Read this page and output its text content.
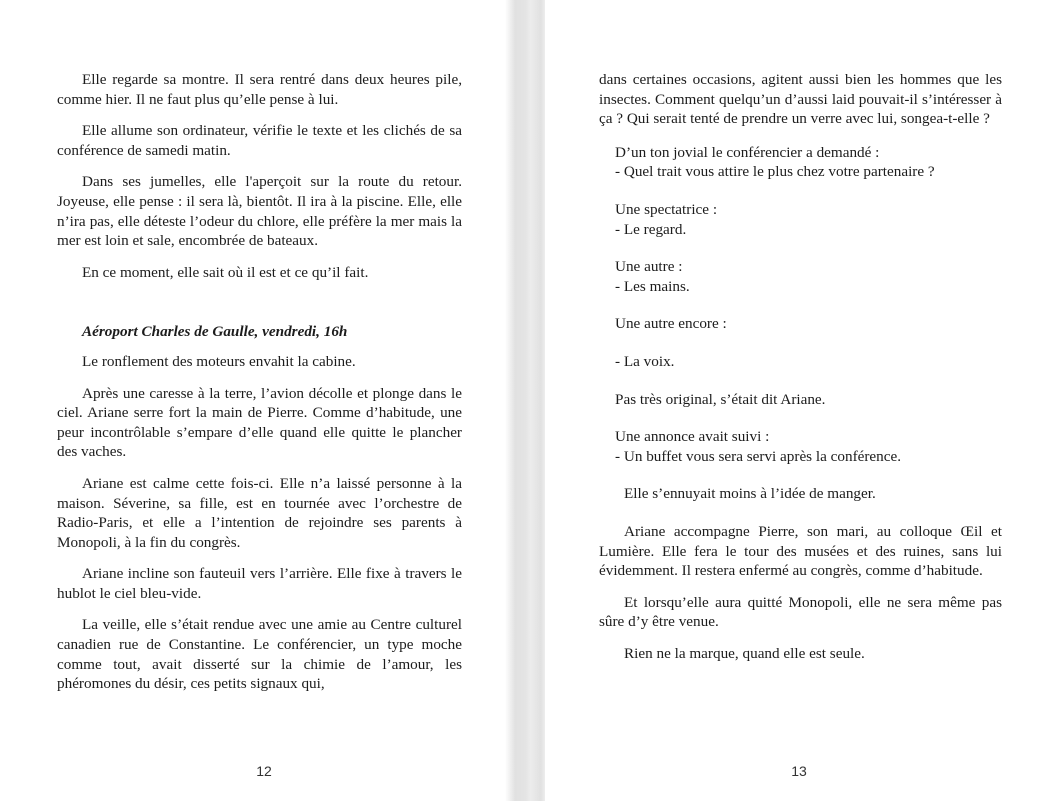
Elle regarde sa montre. Il sera rentré dans deux heures pile, comme hier. Il ne faut plus qu’elle pense à lui.

Elle allume son ordinateur, vérifie le texte et les clichés de sa conférence de samedi matin.

Dans ses jumelles, elle l'aperçoit sur la route du retour. Joyeuse, elle pense : il sera là, bientôt. Il ira à la piscine. Elle, elle n’ira pas, elle déteste l’odeur du chlore, elle préfère la mer mais la mer est loin et sale, encombrée de bateaux.

En ce moment, elle sait où il est et ce qu’il fait.

Aéroport Charles de Gaulle, vendredi, 16h

Le ronflement des moteurs envahit la cabine.

Après une caresse à la terre, l’avion décolle et plonge dans le ciel. Ariane serre fort la main de Pierre. Comme d’habitude, une peur incontrôlable s’empare d’elle quand elle quitte le plancher des vaches.

Ariane est calme cette fois-ci. Elle n’a laissé personne à la maison. Séverine, sa fille, est en tournée avec l’orchestre de Radio-Paris, et elle a l’intention de rejoindre ses parents à Monopoli, à la fin du congrès.

Ariane incline son fauteuil vers l’arrière. Elle fixe à travers le hublot le ciel bleu-vide.

La veille, elle s’était rendue avec une amie au Centre culturel canadien rue de Constantine. Le conférencier, un type moche comme tout, avait disserté sur la chimie de l’amour, les phéromones du désir, ces petits signaux qui,

12

dans certaines occasions, agitent aussi bien les hommes que les insectes. Comment quelqu’un d’aussi laid pouvait-il s’intéresser à ça ? Qui serait tenté de prendre un verre avec lui, songea-t-elle ?

D’un ton jovial le conférencier a demandé :
- Quel trait vous attire le plus chez votre partenaire ?
Une spectatrice :
- Le regard.
Une autre :
- Les mains.
Une autre encore :
- La voix.
Pas très original, s’était dit Ariane.
Une annonce avait suivi :
- Un buffet vous sera servi après la conférence.

Elle s’ennuyait moins à l’idée de manger.

Ariane accompagne Pierre, son mari, au colloque Œil et Lumière. Elle fera le tour des musées et des ruines, sans lui évidemment. Il restera enfermé au congrès, comme d’habitude.

Et lorsqu’elle aura quitté Monopoli, elle ne sera même pas sûre d’y être venue.

Rien ne la marque, quand elle est seule.

13
